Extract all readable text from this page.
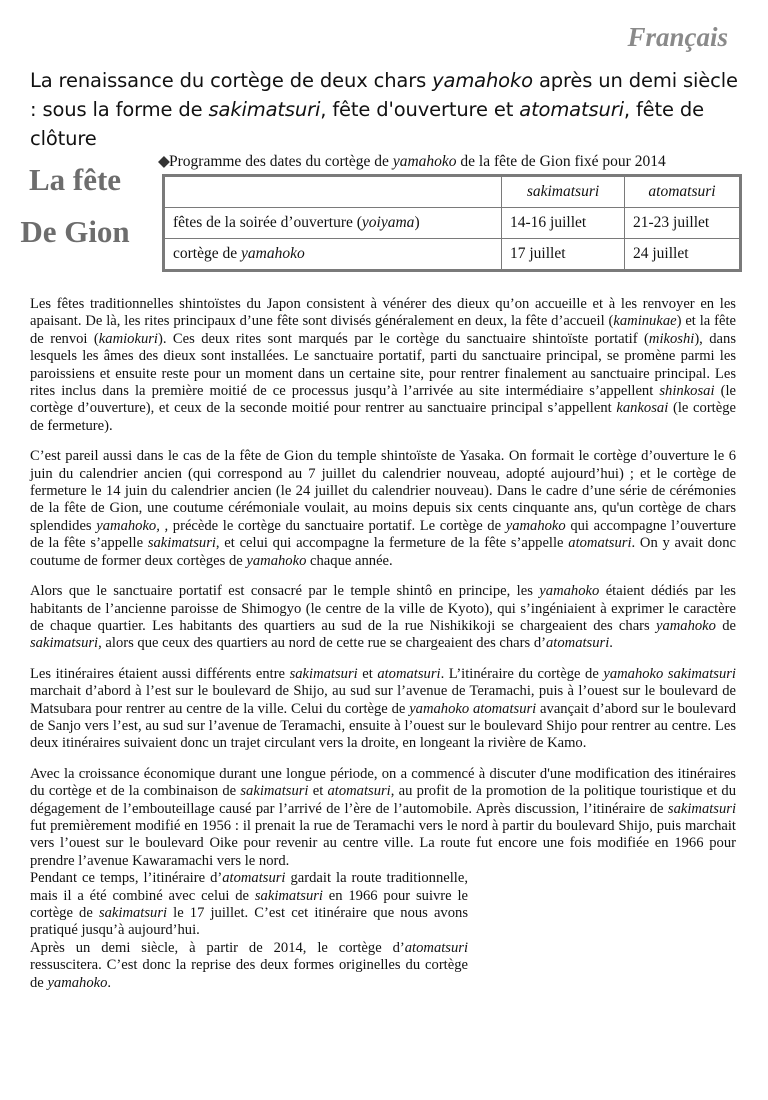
Français
La renaissance du cortège de deux chars yamahoko après un demi siècle : sous la forme de sakimatsuri, fête d'ouverture et atomatsuri, fête de clôture
La fête
De Gion
◆Programme des dates du cortège de yamahoko de la fête de Gion fixé pour 2014
	sakimatsuri	atomatsuri
fêtes de la soirée d’ouverture (yoiyama)	14-16 juillet	21-23 juillet
cortège de yamahoko	17 juillet	24 juillet

Les fêtes traditionnelles shintoïstes du Japon consistent à vénérer des dieux qu’on accueille et à les renvoyer en les apaisant. De là, les rites principaux d’une fête sont divisés généralement en deux, la fête d’accueil (kaminukae) et la fête de renvoi (kamiokuri). Ces deux rites sont marqués par le cortège du sanctuaire shintoïste portatif (mikoshi), dans lesquels les âmes des dieux sont installées. Le sanctuaire portatif, parti du sanctuaire principal, se promène parmi les paroissiens et ensuite reste pour un moment dans un certaine site, pour rentrer finalement au sanctuaire principal. Les rites inclus dans la première moitié de ce processus jusqu’à l’arrivée au site intermédiaire s’appellent shinkosai (le cortège d’ouverture), et ceux de la seconde moitié pour rentrer au sanctuaire principal s’appellent kankosai (le cortège de fermeture).

C’est pareil aussi dans le cas de la fête de Gion du temple shintoïste de Yasaka. On formait le cortège d’ouverture le 6 juin du calendrier ancien (qui correspond au 7 juillet du calendrier nouveau, adopté aujourd’hui) ; et le cortège de fermeture le 14 juin du calendrier ancien (le 24 juillet du calendrier nouveau). Dans le cadre d’une série de cérémonies de la fête de Gion, une coutume cérémoniale voulait, au moins depuis six cents cinquante ans, qu'un cortège de chars splendides yamahoko, , précède le cortège du sanctuaire portatif. Le cortège de yamahoko qui accompagne l’ouverture de la fête s’appelle sakimatsuri, et celui qui accompagne la fermeture de la fête s’appelle atomatsuri. On y avait donc coutume de former deux cortèges de yamahoko chaque année.

Alors que le sanctuaire portatif est consacré par le temple shintô en principe, les yamahoko étaient dédiés par les habitants de l’ancienne paroisse de Shimogyo (le centre de la ville de Kyoto), qui s’ingéniaient à exprimer le caractère de chaque quartier. Les habitants des quartiers au sud de la rue Nishikikoji se chargeaient des chars yamahoko de sakimatsuri, alors que ceux des quartiers au nord de cette rue se chargeaient des chars d’atomatsuri.

Les itinéraires étaient aussi différents entre sakimatsuri et atomatsuri. L’itinéraire du cortège de yamahoko sakimatsuri marchait d’abord à l’est sur le boulevard de Shijo, au sud sur l’avenue de Teramachi, puis à l’ouest sur le boulevard de Matsubara pour rentrer au centre de la ville. Celui du cortège de yamahoko atomatsuri avançait d’abord sur le boulevard de Sanjo vers l’est, au sud sur l’avenue de Teramachi, ensuite à l’ouest sur le boulevard Shijo pour rentrer au centre. Les deux itinéraires suivaient donc un trajet circulant vers la droite, en longeant la rivière de Kamo.

Avec la croissance économique durant une longue période, on a commencé à discuter d'une modification des itinéraires du cortège et de la combinaison de sakimatsuri et atomatsuri, au profit de la promotion de la politique touristique et du dégagement de l’embouteillage causé par l’arrivé de l’ère de l’automobile. Après discussion, l’itinéraire de sakimatsuri fut premièrement modifié en 1956 : il prenait la rue de Teramachi vers le nord à partir du boulevard Shijo, puis marchait vers l’ouest sur le boulevard Oike pour revenir au centre ville. La route fut encore une fois modifiée en 1966 pour prendre l’avenue Kawaramachi vers le nord.

Pendant ce temps, l’itinéraire d’atomatsuri gardait la route traditionnelle, mais il a été combiné avec celui de sakimatsuri en 1966 pour suivre le cortège de sakimatsuri le 17 juillet. C’est cet itinéraire que nous avons pratiqué jusqu’à aujourd’hui.

Après un demi siècle, à partir de 2014, le cortège d’atomatsuri ressuscitera. C’est donc la reprise des deux formes originelles du cortège de yamahoko.
